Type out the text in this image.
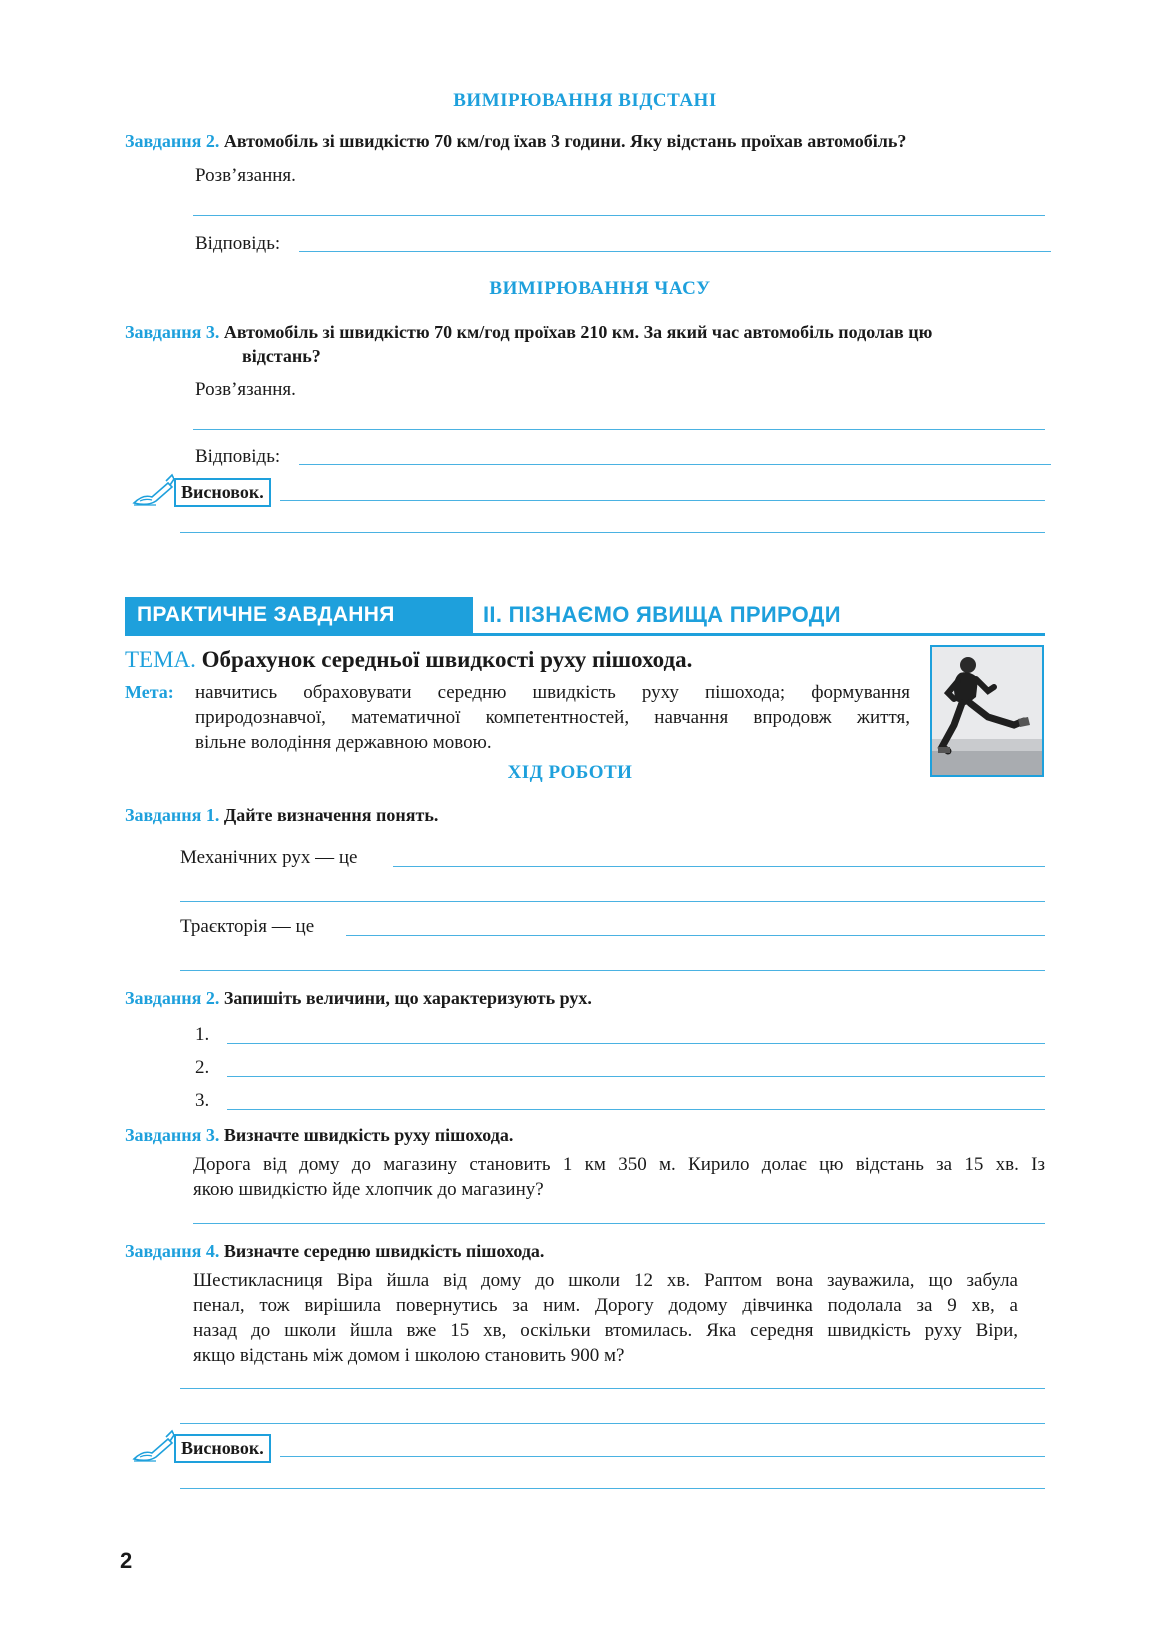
ВИМІРЮВАННЯ ВІДСТАНІ
Завдання 2. Автомобіль зі швидкістю 70 км/год їхав 3 години. Яку відстань проїхав автомобіль?
Розв’язання.
Відповідь:
ВИМІРЮВАННЯ ЧАСУ
Завдання 3. Автомобіль зі швидкістю 70 км/год проїхав 210 км. За який час автомобіль подолав цю
відстань?
Розв’язання.
Відповідь:
Висновок.
ПРАКТИЧНЕ ЗАВДАННЯ	II. ПІЗНАЄМО ЯВИЩА ПРИРОДИ
ТЕМА. Обрахунок середньої швидкості руху пішохода.
Мета: навчитись обраховувати середню швидкість руху пішохода; формування
природознавчої, математичної компетентностей, навчання впродовж життя,
вільне володіння державною мовою.
ХІД РОБОТИ
Завдання 1. Дайте визначення понять.
Механічних рух — це
Траєкторія — це
Завдання 2. Запишіть величини, що характеризують рух.
1.
2.
3.
Завдання 3. Визначте швидкість руху пішохода.
Дорога від дому до магазину становить 1 км 350 м. Кирило долає цю відстань за 15 хв. Із
якою швидкістю йде хлопчик до магазину?
Завдання 4. Визначте середню швидкість пішохода.
Шестикласниця Віра йшла від дому до школи 12 хв. Раптом вона зауважила, що забула
пенал, тож вирішила повернутись за ним. Дорогу додому дівчинка подолала за 9 хв, а
назад до школи йшла вже 15 хв, оскільки втомилась. Яка середня швидкість руху Віри,
якщо відстань між домом і школою становить 900 м?
Висновок.
2
